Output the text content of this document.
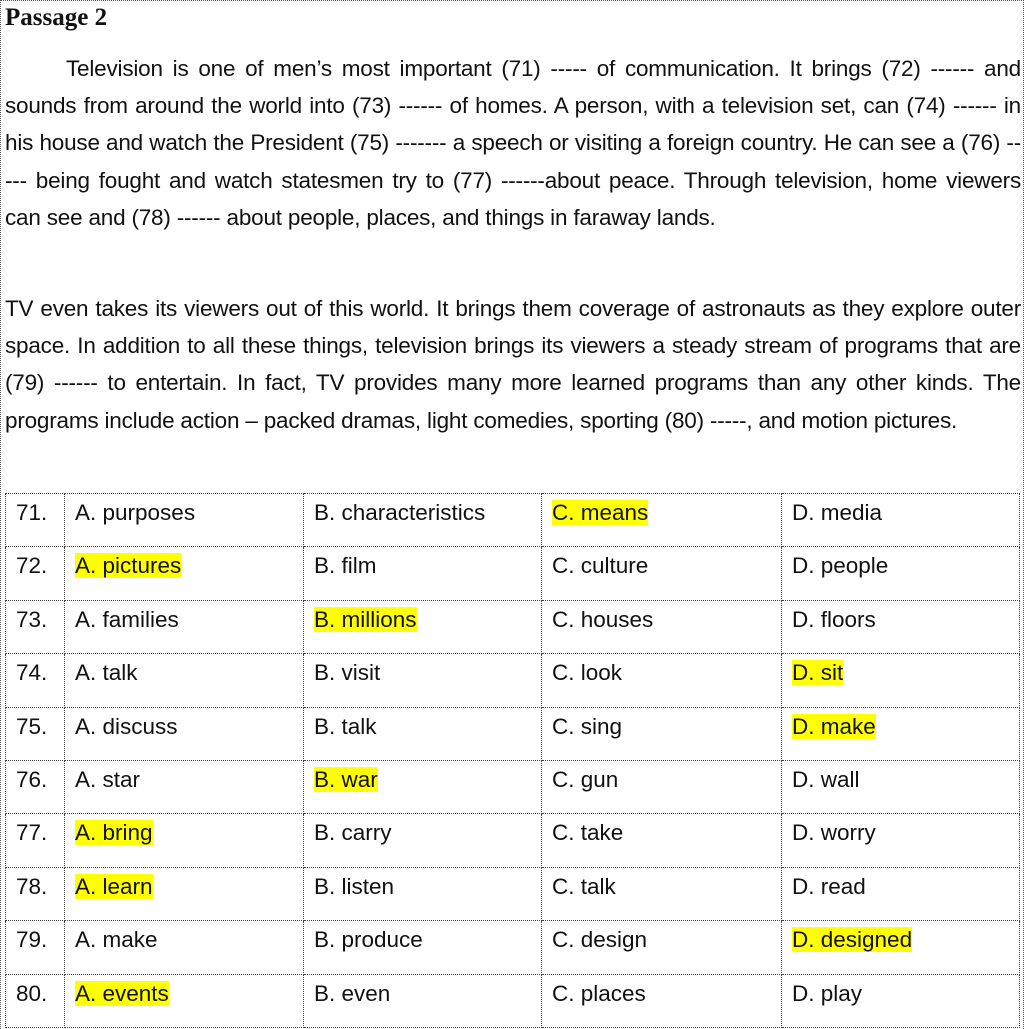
Passage 2

Television is one of men’s most important (71) ----- of communication. It brings (72) ------ and sounds from around the world into (73) ------ of homes. A person, with a television set, can (74) ------ in his house and watch the President (75) ------- a speech or visiting a foreign country. He can see a (76) ----- being fought and watch statesmen try to (77) ------about peace. Through television, home viewers can see and (78) ------ about people, places, and things in faraway lands.

TV even takes its viewers out of this world. It brings them coverage of astronauts as they explore outer space. In addition to all these things, television brings its viewers a steady stream of programs that are (79) ------ to entertain. In fact, TV provides many more learned programs than any other kinds. The programs include action – packed dramas, light comedies, sporting (80) -----, and motion pictures.

71.	A. purposes	B. characteristics	C. means	D. media
72.	A. pictures	B. film	C. culture	D. people
73.	A. families	B. millions	C. houses	D. floors
74.	A. talk	B. visit	C. look	D. sit
75.	A. discuss	B. talk	C. sing	D. make
76.	A. star	B. war	C. gun	D. wall
77.	A. bring	B. carry	C. take	D. worry
78.	A. learn	B. listen	C. talk	D. read
79.	A. make	B. produce	C. design	D. designed
80.	A. events	B. even	C. places	D. play
